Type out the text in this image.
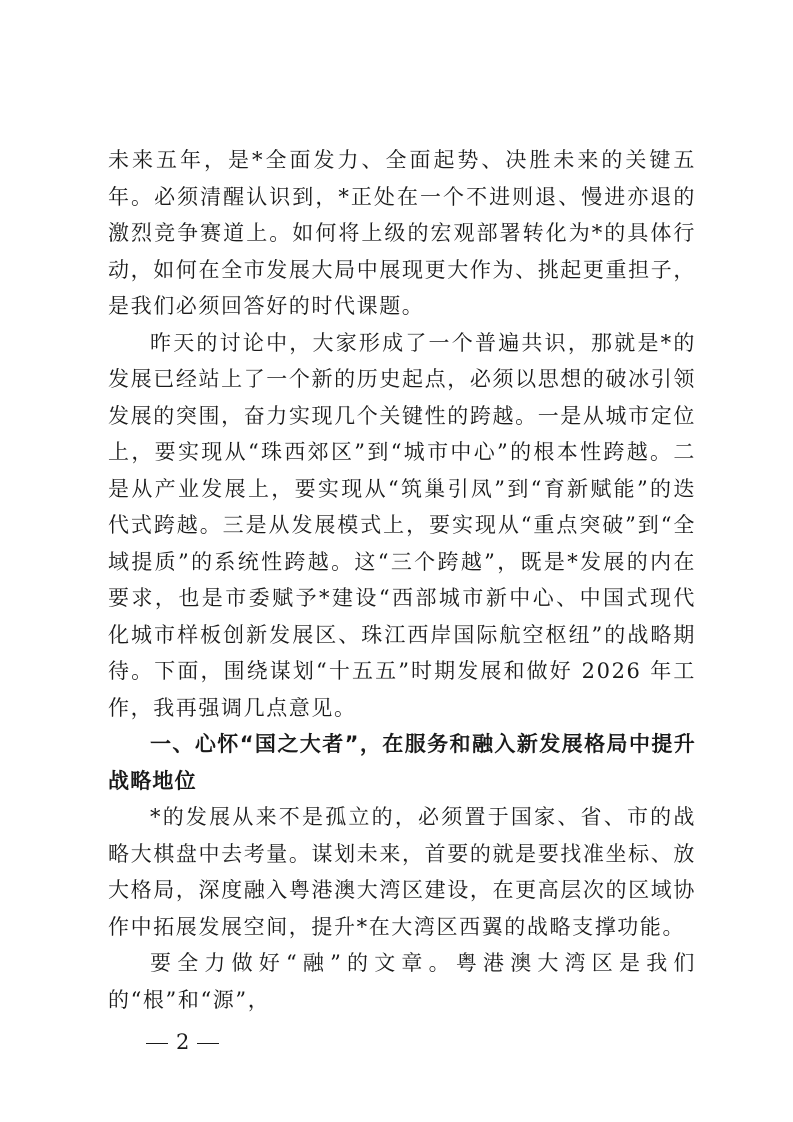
未来五年，是*全面发力、全面起势、决胜未来的关键五年。必须清醒认识到，*正处在一个不进则退、慢进亦退的激烈竞争赛道上。如何将上级的宏观部署转化为*的具体行动，如何在全市发展大局中展现更大作为、挑起更重担子，是我们必须回答好的时代课题。

昨天的讨论中，大家形成了一个普遍共识，那就是*的发展已经站上了一个新的历史起点，必须以思想的破冰引领发展的突围，奋力实现几个关键性的跨越。一是从城市定位上，要实现从“珠西郊区”到“城市中心”的根本性跨越。二是从产业发展上，要实现从“筑巢引凤”到“育新赋能”的迭代式跨越。三是从发展模式上，要实现从“重点突破”到“全域提质”的系统性跨越。这“三个跨越”，既是*发展的内在要求，也是市委赋予*建设“西部城市新中心、中国式现代化城市样板创新发展区、珠江西岸国际航空枢纽”的战略期待。下面，围绕谋划“十五五”时期发展和做好 2026 年工作，我再强调几点意见。

一、心怀“国之大者”，在服务和融入新发展格局中提升战略地位

*的发展从来不是孤立的，必须置于国家、省、市的战略大棋盘中去考量。谋划未来，首要的就是要找准坐标、放大格局，深度融入粤港澳大湾区建设，在更高层次的区域协作中拓展发展空间，提升*在大湾区西翼的战略支撑功能。

要全力做好“融”的文章。粤港澳大湾区是我们的“根”和“源”，

2
